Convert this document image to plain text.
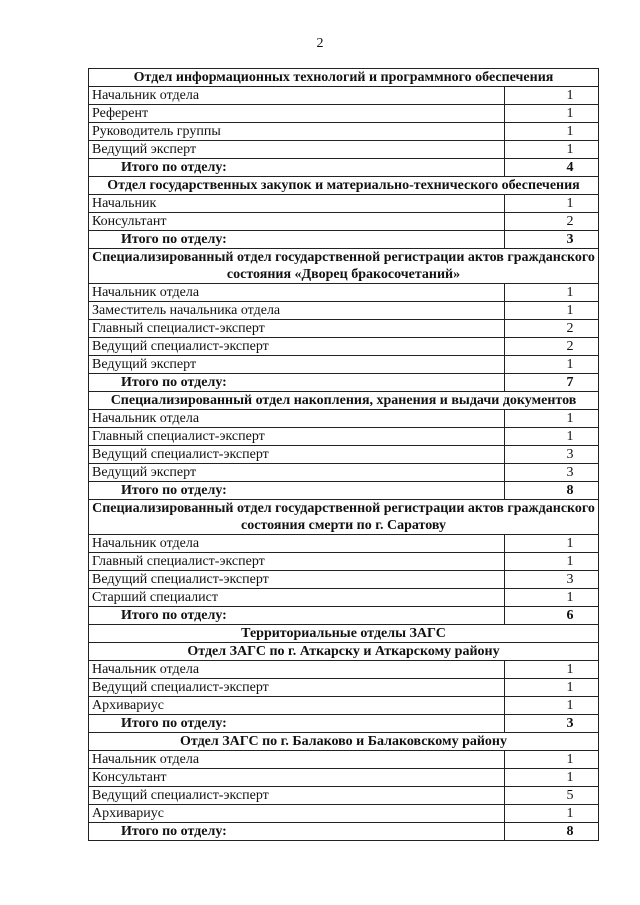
2
Отдел информационных технологий и программного обеспечения	
Начальник отдела	1
Референт	1
Руководитель группы	1
Ведущий эксперт	1
Итого по отделу:	4
Отдел государственных закупок и материально-технического обеспечения	
Начальник	1
Консультант	2
Итого по отделу:	3
Специализированный отдел государственной регистрации актов гражданского состояния «Дворец бракосочетаний»	
Начальник отдела	1
Заместитель начальника отдела	1
Главный специалист-эксперт	2
Ведущий специалист-эксперт	2
Ведущий эксперт	1
Итого по отделу:	7
Специализированный отдел накопления, хранения и выдачи документов	
Начальник отдела	1
Главный специалист-эксперт	1
Ведущий специалист-эксперт	3
Ведущий эксперт	3
Итого по отделу:	8
Специализированный отдел государственной регистрации актов гражданского состояния смерти по г. Саратову	
Начальник отдела	1
Главный специалист-эксперт	1
Ведущий специалист-эксперт	3
Старший специалист	1
Итого по отделу:	6
Территориальные отделы ЗАГС	
Отдел ЗАГС по г. Аткарску и Аткарскому району	
Начальник отдела	1
Ведущий специалист-эксперт	1
Архивариус	1
Итого по отделу:	3
Отдел ЗАГС по г. Балаково и Балаковскому району	
Начальник отдела	1
Консультант	1
Ведущий специалист-эксперт	5
Архивариус	1
Итого по отделу:	8
